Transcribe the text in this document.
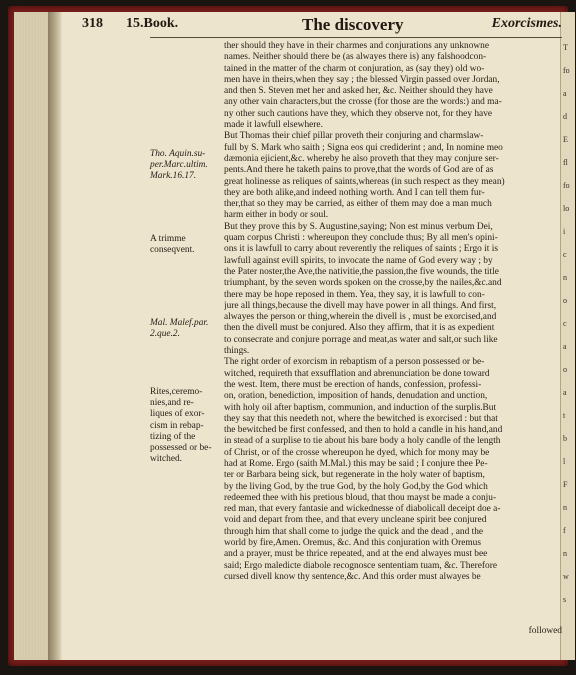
T
fo
a
d
E
fl
fo
lo
i
c
n
o
c
a
o
a
t
b
l
F
n
f
n
w
s
318 15.Book.	The discovery	Exorcismes.
Tho. Aquin.su-
per.Marc.ultim.
Mark.16.17.
A trimme
conseqvent.
Mal. Malef.par.
2.que.2.
Rites,ceremo-
nies,and re-
liques of exor-
cism in rebap-
tizing of the
possessed or be-
witched.
ther should they have in their charmes and conjurations any unknowne
names. Neither should there be (as alwayes there is) any falshoodcon-
tained in the matter of the charm ot conjuration, as (say they) old wo-
men have in theirs,when they say ; the blessed Virgin passed over Jordan,
and then S. Steven met her and asked her, &c. Neither should they have
any other vain characters,but the crosse (for those are the words:) and ma-
ny other such cautions have they, which they observe not, for they have
made it lawfull elsewhere.
But Thomas their chief pillar proveth their conjuring and charmslaw-
full by S. Mark who saith ; Signa eos qui crediderint ; and, In nomine meo
dæmonia ejicient,&c. whereby he also proveth that they may conjure ser-
pents.And there he taketh pains to prove,that the words of God are of as
great holinesse as reliques of saints,whereas (in such respect as they mean)
they are both alike,and indeed nothing worth. And I can tell them fur-
ther,that so they may be carried, as either of them may doe a man much
harm either in body or soul.
But they prove this by S. Augustine,saying; Non est minus verbum Dei,
quam corpus Christi : whereupon they conclude thus; By all men's opini-
ons it is lawfull to carry about reverently the reliques of saints ; Ergo it is
lawfull against evill spirits, to invocate the name of God every way ; by
the Pater noster,the Ave,the nativitie,the passion,the five wounds, the title
triumphant, by the seven words spoken on the crosse,by the nailes,&c.and
there may be hope reposed in them. Yea, they say, it is lawfull to con-
jure all things,because the divell may have power in all things. And first,
alwayes the person or thing,wherein the divell is , must be exorcised,and
then the divell must be conjured. Also they affirm, that it is as expedient
to consecrate and conjure porrage and meat,as water and salt,or such like
things.
The right order of exorcism in rebaptism of a person possessed or be-
witched, requireth that exsufflation and abrenunciation be done toward
the west. Item, there must be erection of hands, confession, professi-
on, oration, benediction, imposition of hands, denudation and unction,
with holy oil after baptism, communion, and induction of the surplis.But
they say that this needeth not, where the bewitched is exorcised : but that
the bewitched be first confessed, and then to hold a candle in his hand,and
in stead of a surplise to tie about his bare body a holy candle of the length
of Christ, or of the crosse whereupon he dyed, which for mony may be
had at Rome. Ergo (saith M.Mal.) this may be said ; I conjure thee Pe-
ter or Barbara being sick, but regenerate in the holy water of baptism,
by the living God, by the true God, by the holy God,by the God which
redeemed thee with his pretious bloud, that thou mayst be made a conju-
red man, that every fantasie and wickednesse of diabolicall deceipt doe a-
void and depart from thee, and that every uncleane spirit bee conjured
through him that shall come to judge the quick and the dead , and the
world by fire,Amen. Oremus, &c. And this conjuration with Oremus
and a prayer, must be thrice repeated, and at the end alwayes must bee
said; Ergo maledicte diabole recognosce sententiam tuam, &c. Therefore
cursed divell know thy sentence,&c. And this order must alwayes be
followed
